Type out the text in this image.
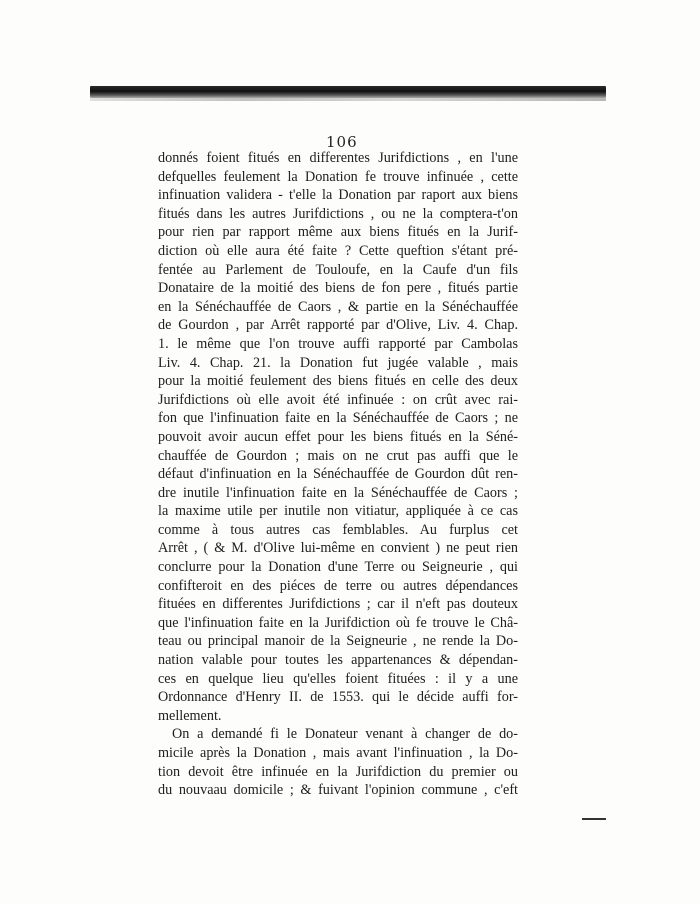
106
donnés foient fitués en differentes Jurifdictions , en l'une
defquelles feulement la Donation fe trouve infinuée , cette
infinuation validera - t'elle la Donation par raport aux biens
fitués dans les autres Jurifdictions , ou ne la comptera-t'on
pour rien par rapport même aux biens fitués en la Jurif-
diction où elle aura été faite ? Cette queftion s'étant pré-
fentée au Parlement de Touloufe, en la Caufe d'un fils
Donataire de la moitié des biens de fon pere , fitués partie
en la Sénéchauffée de Caors , & partie en la Sénéchauffée
de Gourdon , par Arrêt rapporté par d'Olive, Liv. 4. Chap.
1. le même que l'on trouve auffi rapporté par Cambolas
Liv. 4. Chap. 21. la Donation fut jugée valable , mais
pour la moitié feulement des biens fitués en celle des deux
Jurifdictions où elle avoit été infinuée : on crût avec rai-
fon que l'infinuation faite en la Sénéchauffée de Caors ; ne
pouvoit avoir aucun effet pour les biens fitués en la Séné-
chauffée de Gourdon ; mais on ne crut pas auffi que le
défaut d'infinuation en la Sénéchauffée de Gourdon dût ren-
dre inutile l'infinuation faite en la Sénéchauffée de Caors ;
la maxime utile per inutile non vitiatur, appliquée à ce cas
comme à tous autres cas femblables. Au furplus cet
Arrêt , ( & M. d'Olive lui-même en convient ) ne peut rien
conclurre pour la Donation d'une Terre ou Seigneurie , qui
confifteroit en des piéces de terre ou autres dépendances
fituées en differentes Jurifdictions ; car il n'eft pas douteux
que l'infinuation faite en la Jurifdiction où fe trouve le Châ-
teau ou principal manoir de la Seigneurie , ne rende la Do-
nation valable pour toutes les appartenances & dépendan-
ces en quelque lieu qu'elles foient fituées : il y a une
Ordonnance d'Henry II. de 1553. qui le décide auffi for-
mellement.
On a demandé fi le Donateur venant à changer de do-
micile après la Donation , mais avant l'infinuation , la Do-
tion devoit être infinuée en la Jurifdiction du premier ou
du nouvaau domicile ; & fuivant l'opinion commune , c'eft
